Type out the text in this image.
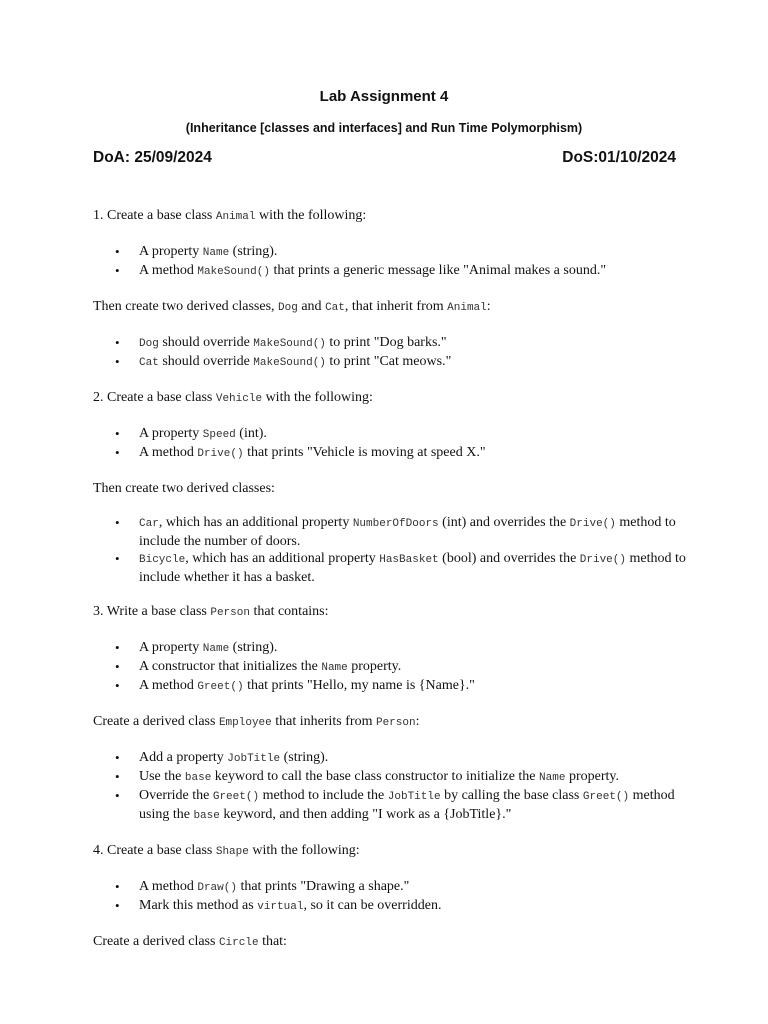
Lab Assignment 4
(Inheritance [classes and interfaces] and Run Time Polymorphism)
DoA: 25/09/2024	DoS:01/10/2024

1. Create a base class Animal with the following:

• A property Name (string).
• A method MakeSound() that prints a generic message like "Animal makes a sound."

Then create two derived classes, Dog and Cat, that inherit from Animal:

• Dog should override MakeSound() to print "Dog barks."
• Cat should override MakeSound() to print "Cat meows."

2. Create a base class Vehicle with the following:

• A property Speed (int).
• A method Drive() that prints "Vehicle is moving at speed X."

Then create two derived classes:

• Car, which has an additional property NumberOfDoors (int) and overrides the Drive() method to include the number of doors.
• Bicycle, which has an additional property HasBasket (bool) and overrides the Drive() method to include whether it has a basket.

3. Write a base class Person that contains:

• A property Name (string).
• A constructor that initializes the Name property.
• A method Greet() that prints "Hello, my name is {Name}."

Create a derived class Employee that inherits from Person:

• Add a property JobTitle (string).
• Use the base keyword to call the base class constructor to initialize the Name property.
• Override the Greet() method to include the JobTitle by calling the base class Greet() method using the base keyword, and then adding "I work as a {JobTitle}."

4. Create a base class Shape with the following:

• A method Draw() that prints "Drawing a shape."
• Mark this method as virtual, so it can be overridden.

Create a derived class Circle that:
